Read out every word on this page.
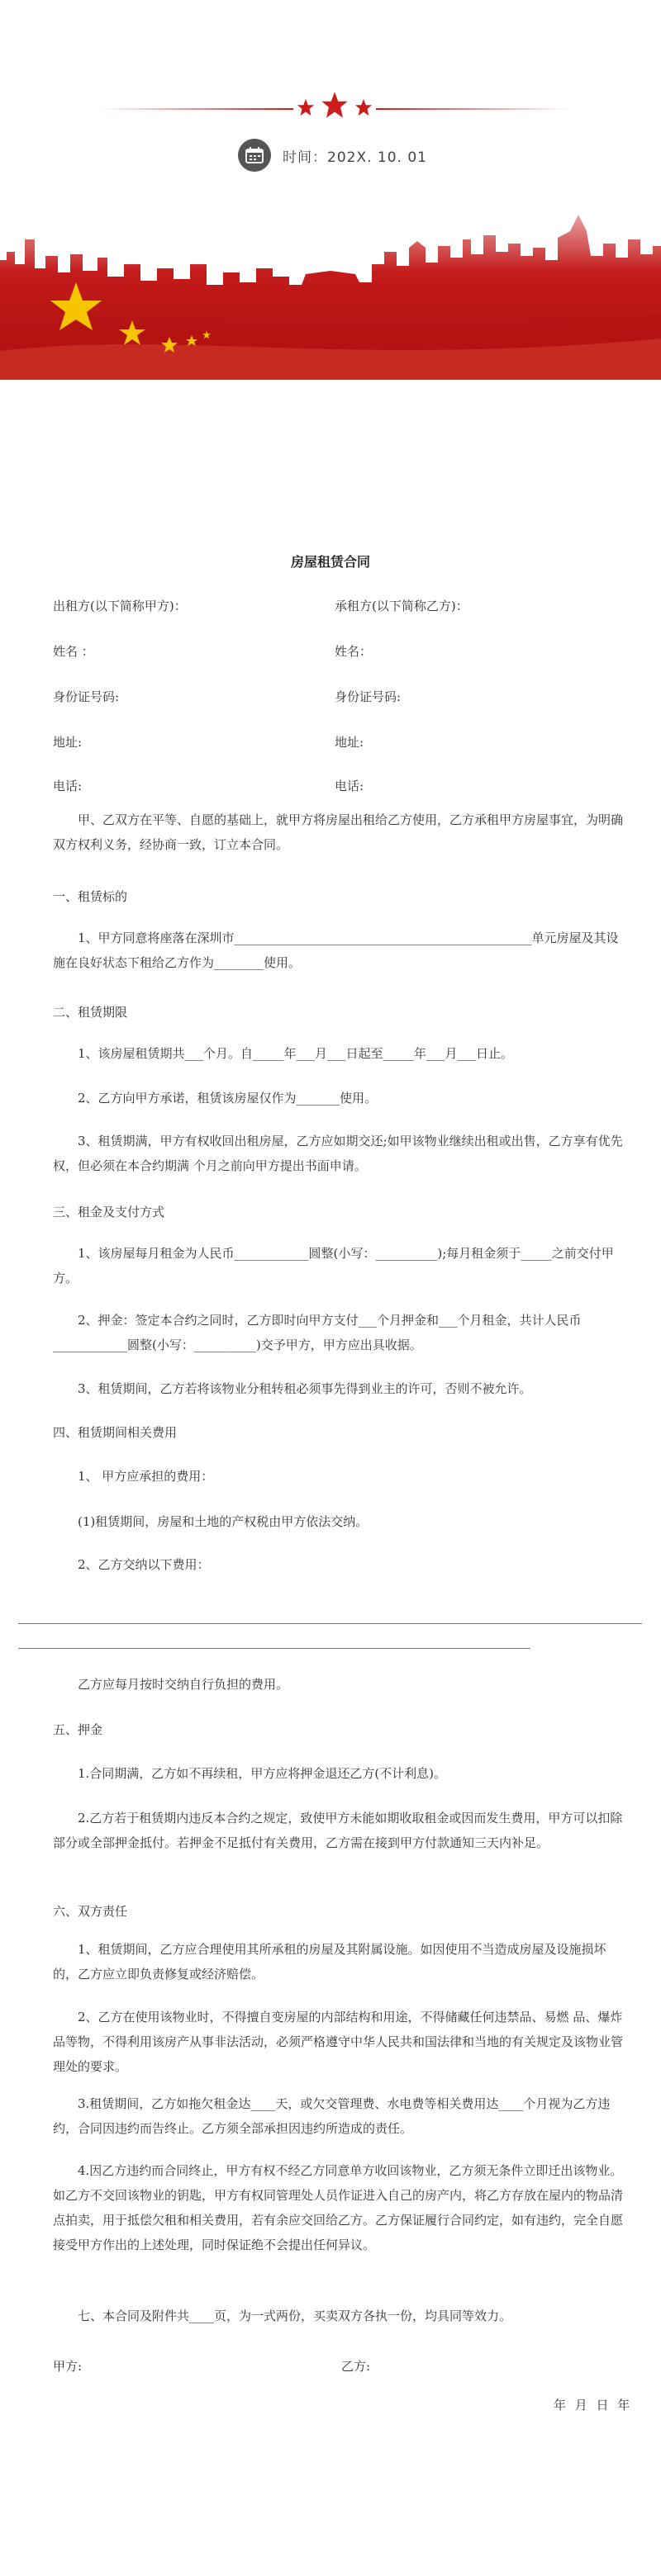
时间：202X. 10. 01
房屋租赁合同
出租方(以下简称甲方)：	承租方(以下简称乙方)：
姓名 ：	姓名：
身份证号码:	身份证号码:
地址:	地址:
电话:	电话:
甲、乙双方在平等、自愿的基础上，就甲方将房屋出租给乙方使用，乙方承租甲方房屋事宜，为明确双方权利义务，经协商一致，订立本合同。
一、租赁标的
1、甲方同意将座落在深圳市________________________________________________单元房屋及其设施在良好状态下租给乙方作为________使用。
二、租赁期限
1、该房屋租赁期共___个月。自_____年___月___日起至_____年___月___日止。
2、乙方向甲方承诺，租赁该房屋仅作为_______使用。
3、租赁期满，甲方有权收回出租房屋，乙方应如期交还;如甲该物业继续出租或出售，乙方享有优先权，但必须在本合约期满 个月之前向甲方提出书面申请。
三、租金及支付方式
1、该房屋每月租金为人民币____________圆整(小写：__________);每月租金须于_____之前交付甲方。
2、押金：签定本合约之同时，乙方即时向甲方支付___个月押金和___个月租金，共计人民币____________圆整(小写：__________)交予甲方，甲方应出具收据。
3、租赁期间，乙方若将该物业分租转租必须事先得到业主的许可，否则不被允许。
四、租赁期间相关费用
1、 甲方应承担的费用：
(1)租赁期间，房屋和土地的产权税由甲方依法交纳。
2、乙方交纳以下费用：
乙方应每月按时交纳自行负担的费用。
五、押金
1.合同期满，乙方如不再续租，甲方应将押金退还乙方(不计利息)。
2.乙方若于租赁期内违反本合约之规定，致使甲方未能如期收取租金或因而发生费用，甲方可以扣除部分或全部押金抵付。若押金不足抵付有关费用，乙方需在接到甲方付款通知三天内补足。
六、双方责任
1、租赁期间，乙方应合理使用其所承租的房屋及其附属设施。如因使用不当造成房屋及设施损坏的，乙方应立即负责修复或经济赔偿。
2、乙方在使用该物业时，不得擅自变房屋的内部结构和用途，不得储藏任何违禁品、易燃 品、爆炸品等物，不得利用该房产从事非法活动，必须严格遵守中华人民共和国法律和当地的有关规定及该物业管理处的要求。
3.租赁期间，乙方如拖欠租金达____天，或欠交管理费、水电费等相关费用达____个月视为乙方违约，合同因违约而告终止。乙方须全部承担因违约所造成的责任。
4.因乙方违约而合同终止，甲方有权不经乙方同意单方收回该物业，乙方须无条件立即迁出该物业。如乙方不交回该物业的钥匙，甲方有权同管理处人员作证进入自己的房产内，将乙方存放在屋内的物品清点拍卖，用于抵偿欠租和相关费用，若有余应交回给乙方。乙方保证履行合同约定，如有违约，完全自愿接受甲方作出的上述处理，同时保证绝不会提出任何异议。
七、本合同及附件共____页，为一式两份，买卖双方各执一份，均具同等效力。
甲方:	乙方:
年 月 日 年
